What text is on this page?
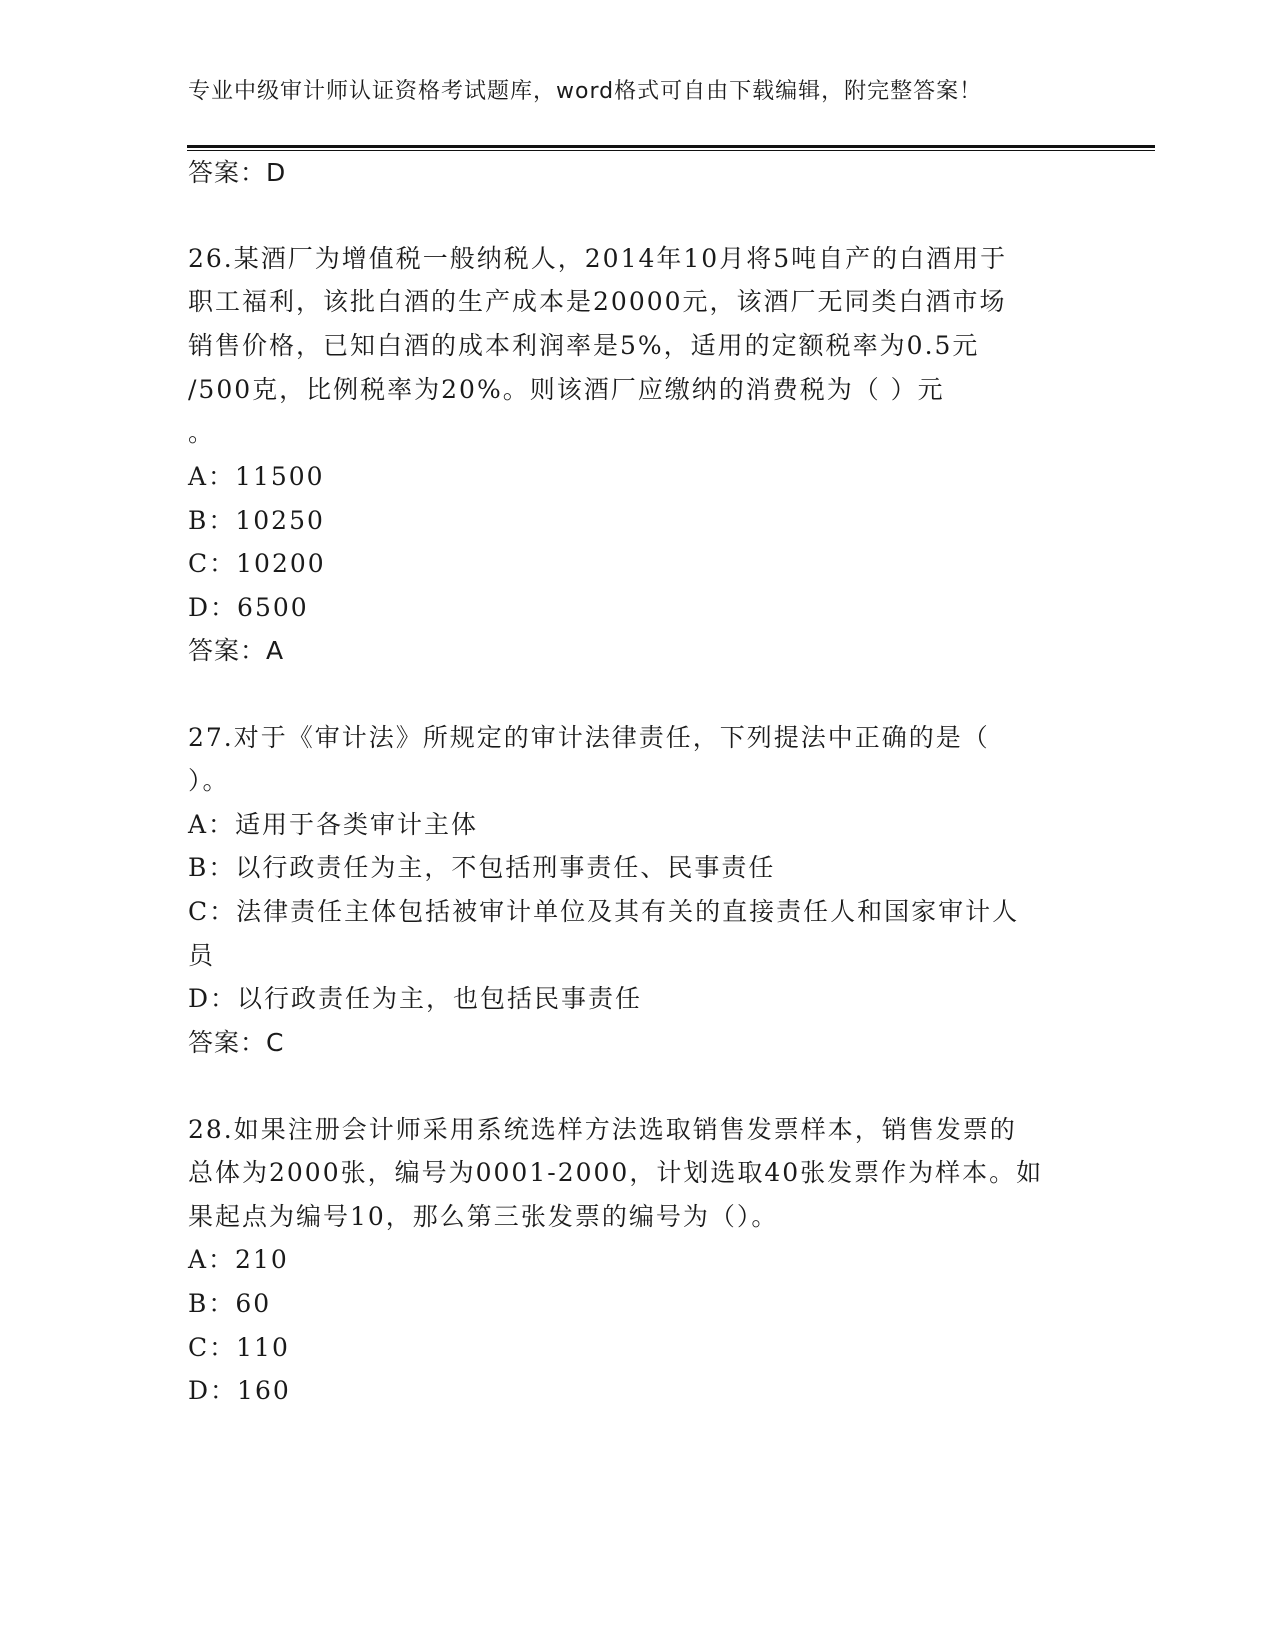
专业中级审计师认证资格考试题库，word格式可自由下载编辑，附完整答案！
答案：D
26.某酒厂为增值税一般纳税人，2014年10月将5吨自产的白酒用于
职工福利，该批白酒的生产成本是20000元，该酒厂无同类白酒市场
销售价格，已知白酒的成本利润率是5%，适用的定额税率为0.5元
/500克，比例税率为20%。则该酒厂应缴纳的消费税为（ ）元
。
A：11500
B：10250
C：10200
D：6500
答案：A
27.对于《审计法》所规定的审计法律责任，下列提法中正确的是（
）。
A：适用于各类审计主体
B：以行政责任为主，不包括刑事责任、民事责任
C：法律责任主体包括被审计单位及其有关的直接责任人和国家审计人
员
D：以行政责任为主，也包括民事责任
答案：C
28.如果注册会计师采用系统选样方法选取销售发票样本，销售发票的
总体为2000张，编号为0001-2000，计划选取40张发票作为样本。如
果起点为编号10，那么第三张发票的编号为（）。
A：210
B：60
C：110
D：160
